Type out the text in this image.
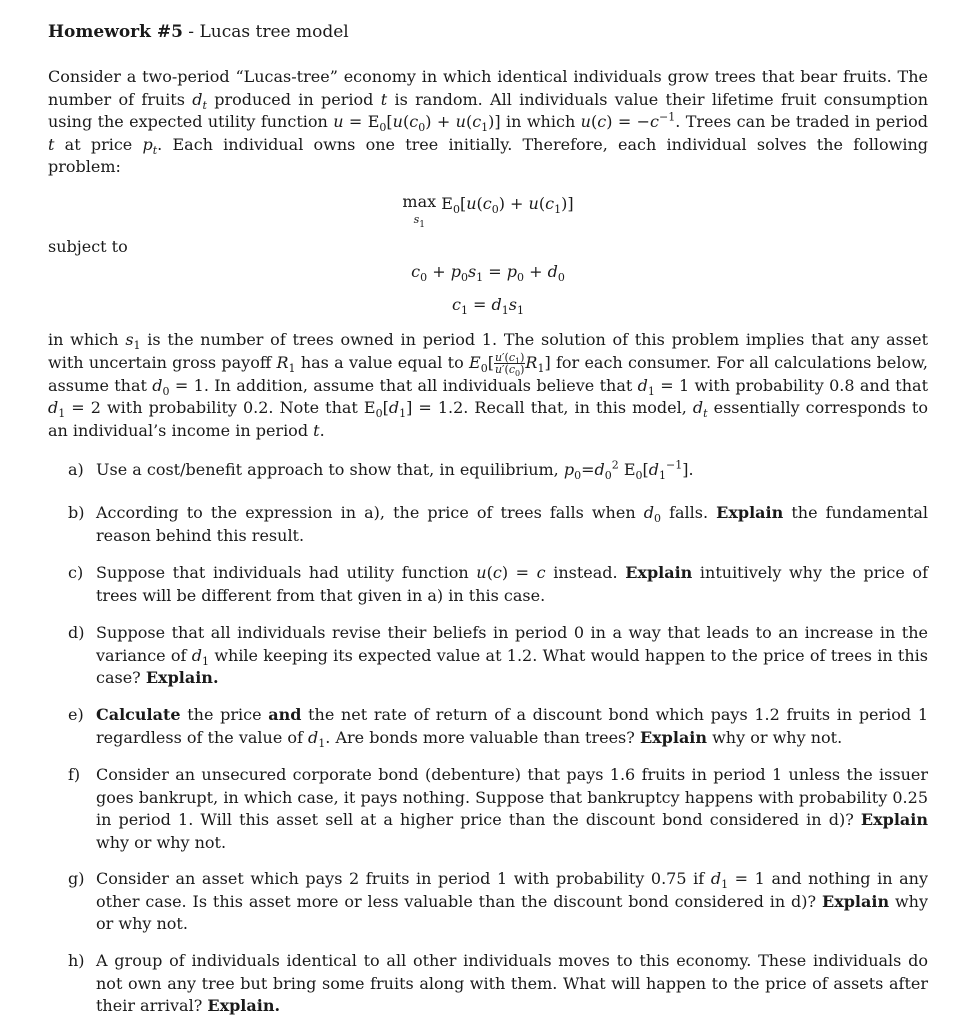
Homework #5 - Lucas tree model

Consider a two-period “Lucas-tree” economy in which identical individuals grow trees that bear fruits. The number of fruits $d_t$ produced in period t is random. All individuals value their lifetime fruit consumption using the expected utility function $u = E_0[u(c_0) + u(c_1)]$ in which $u(c) = -c^{-1}$. Trees can be traded in period t at price $p_t$. Each individual owns one tree initially. Therefore, each individual solves the following problem:

max
$s_1$ $E_0[u(c_0) + u(c_1)]$
subject to
$c_0 + p_0s_1 = p_0 + d_0$
$c_1 = d_1s_1$

in which $s_1$ is the number of trees owned in period 1. The solution of this problem implies that any asset with uncertain gross payoff $R_1$ has a value equal to $E_0[ \frac{u'(c_1)}{u'(c_0)} R_1]$ for each consumer. For all calculations below, assume that $d_0 = 1$. In addition, assume that all individuals believe that $d_1 = 1$ with probability 0.8 and that $d_1 = 2$ with probability 0.2. Note that $E_0[d_1] = 1.2$. Recall that, in this model, $d_t$ essentially corresponds to an individual’s income in period t.

a) Use a cost/benefit approach to show that, in equilibrium, $p_0=d_0^2$ $E_0[d_1^{-1}]$.
b) According to the expression in a), the price of trees falls when $d_0$ falls. Explain the fundamental reason behind this result.
c) Suppose that individuals had utility function u(c) = c instead. Explain intuitively why the price of trees will be different from that given in a) in this case.
d) Suppose that all individuals revise their beliefs in period 0 in a way that leads to an increase in the variance of $d_1$ while keeping its expected value at 1.2. What would happen to the price of trees in this case? Explain.
e) Calculate the price and the net rate of return of a discount bond which pays 1.2 fruits in period 1 regardless of the value of $d_1$. Are bonds more valuable than trees? Explain why or why not.
f) Consider an unsecured corporate bond (debenture) that pays 1.6 fruits in period 1 unless the issuer goes bankrupt, in which case, it pays nothing. Suppose that bankruptcy happens with probability 0.25 in period 1. Will this asset sell at a higher price than the discount bond considered in d)? Explain why or why not.
g) Consider an asset which pays 2 fruits in period 1 with probability 0.75 if $d_1 = 1$ and nothing in any other case. Is this asset more or less valuable than the discount bond considered in d)? Explain why or why not.
h) A group of individuals identical to all other individuals moves to this economy. These individuals do not own any tree but bring some fruits along with them. What will happen to the price of assets after their arrival? Explain.
